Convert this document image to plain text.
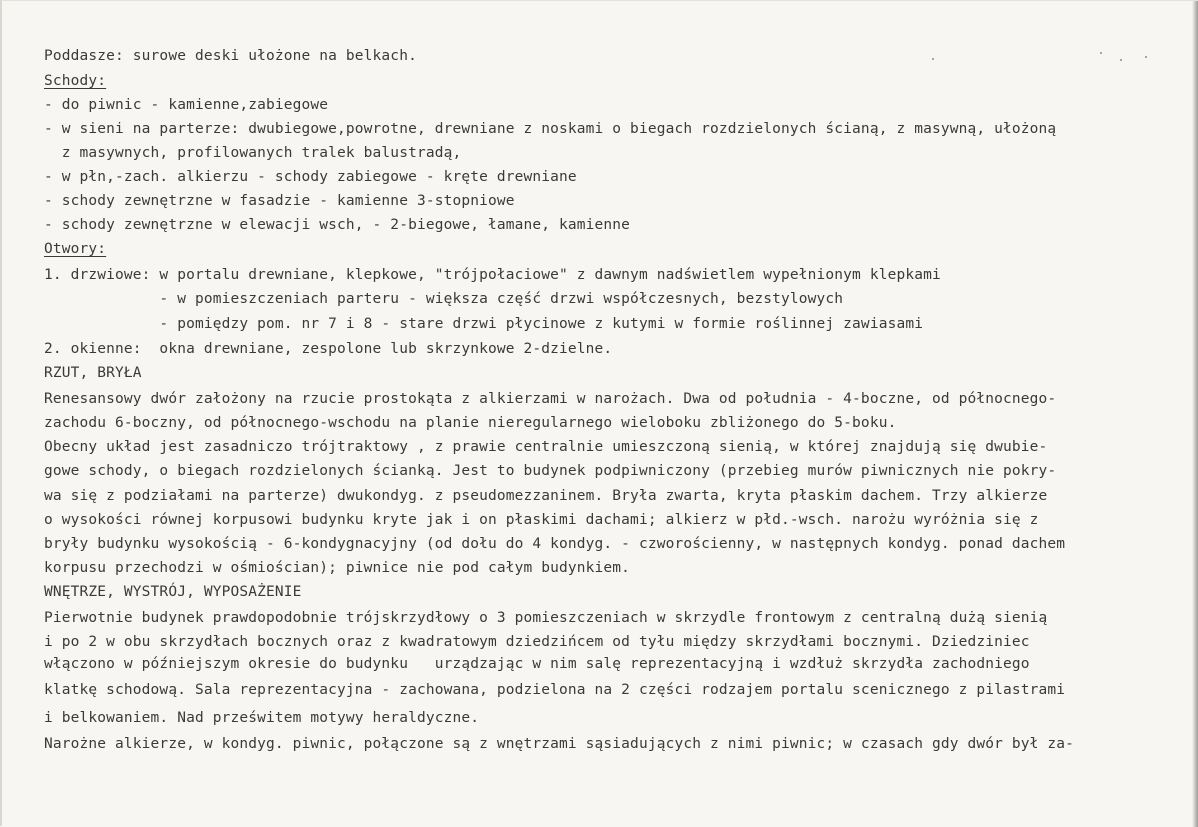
Poddasze: surowe deski ułożone na belkach.

Schody:

- do piwnic - kamienne,zabiegowe

- w sieni na parterze: dwubiegowe,powrotne, drewniane z noskami o biegach rozdzielonych ścianą, z masywną, ułożoną

z masywnych, profilowanych tralek balustradą,

- w płn,-zach. alkierzu - schody zabiegowe - kręte drewniane

- schody zewnętrzne w fasadzie - kamienne 3-stopniowe

- schody zewnętrzne w elewacji wsch, - 2-biegowe, łamane, kamienne

Otwory:

1. drzwiowe: w portalu drewniane, klepkowe, "trójpołaciowe" z dawnym nadświetlem wypełnionym klepkami

- w pomieszczeniach parteru - większa część drzwi współczesnych, bezstylowych

- pomiędzy pom. nr 7 i 8 - stare drzwi płycinowe z kutymi w formie roślinnej zawiasami

2. okienne:  okna drewniane, zespolone lub skrzynkowe 2-dzielne.

RZUT, BRYŁA

Renesansowy dwór założony na rzucie prostokąta z alkierzami w narożach. Dwa od południa - 4-boczne, od północnego-

zachodu 6-boczny, od północnego-wschodu na planie nieregularnego wieloboku zbliżonego do 5-boku.

Obecny układ jest zasadniczo trójtraktowy , z prawie centralnie umieszczoną sienią, w której znajdują się dwubie-

gowe schody, o biegach rozdzielonych ścianką. Jest to budynek podpiwniczony (przebieg murów piwnicznych nie pokry-

wa się z podziałami na parterze) dwukondyg. z pseudomezzaninem. Bryła zwarta, kryta płaskim dachem. Trzy alkierze

o wysokości równej korpusowi budynku kryte jak i on płaskimi dachami; alkierz w płd.-wsch. narożu wyróżnia się z

bryły budynku wysokością - 6-kondygnacyjny (od dołu do 4 kondyg. - czworościenny, w następnych kondyg. ponad dachem

korpusu przechodzi w ośmiościan); piwnice nie pod całym budynkiem.

WNĘTRZE, WYSTRÓJ, WYPOSAŻENIE

Pierwotnie budynek prawdopodobnie trójskrzydłowy o 3 pomieszczeniach w skrzydle frontowym z centralną dużą sienią

i po 2 w obu skrzydłach bocznych oraz z kwadratowym dziedzińcem od tyłu między skrzydłami bocznymi. Dziedziniec

włączono w późniejszym okresie do budynku   urządzając w nim salę reprezentacyjną i wzdłuż skrzydła zachodniego

klatkę schodową. Sala reprezentacyjna - zachowana, podzielona na 2 części rodzajem portalu scenicznego z pilastrami

i belkowaniem. Nad prześwitem motywy heraldyczne.

Narożne alkierze, w kondyg. piwnic, połączone są z wnętrzami sąsiadujących z nimi piwnic; w czasach gdy dwór był za-
